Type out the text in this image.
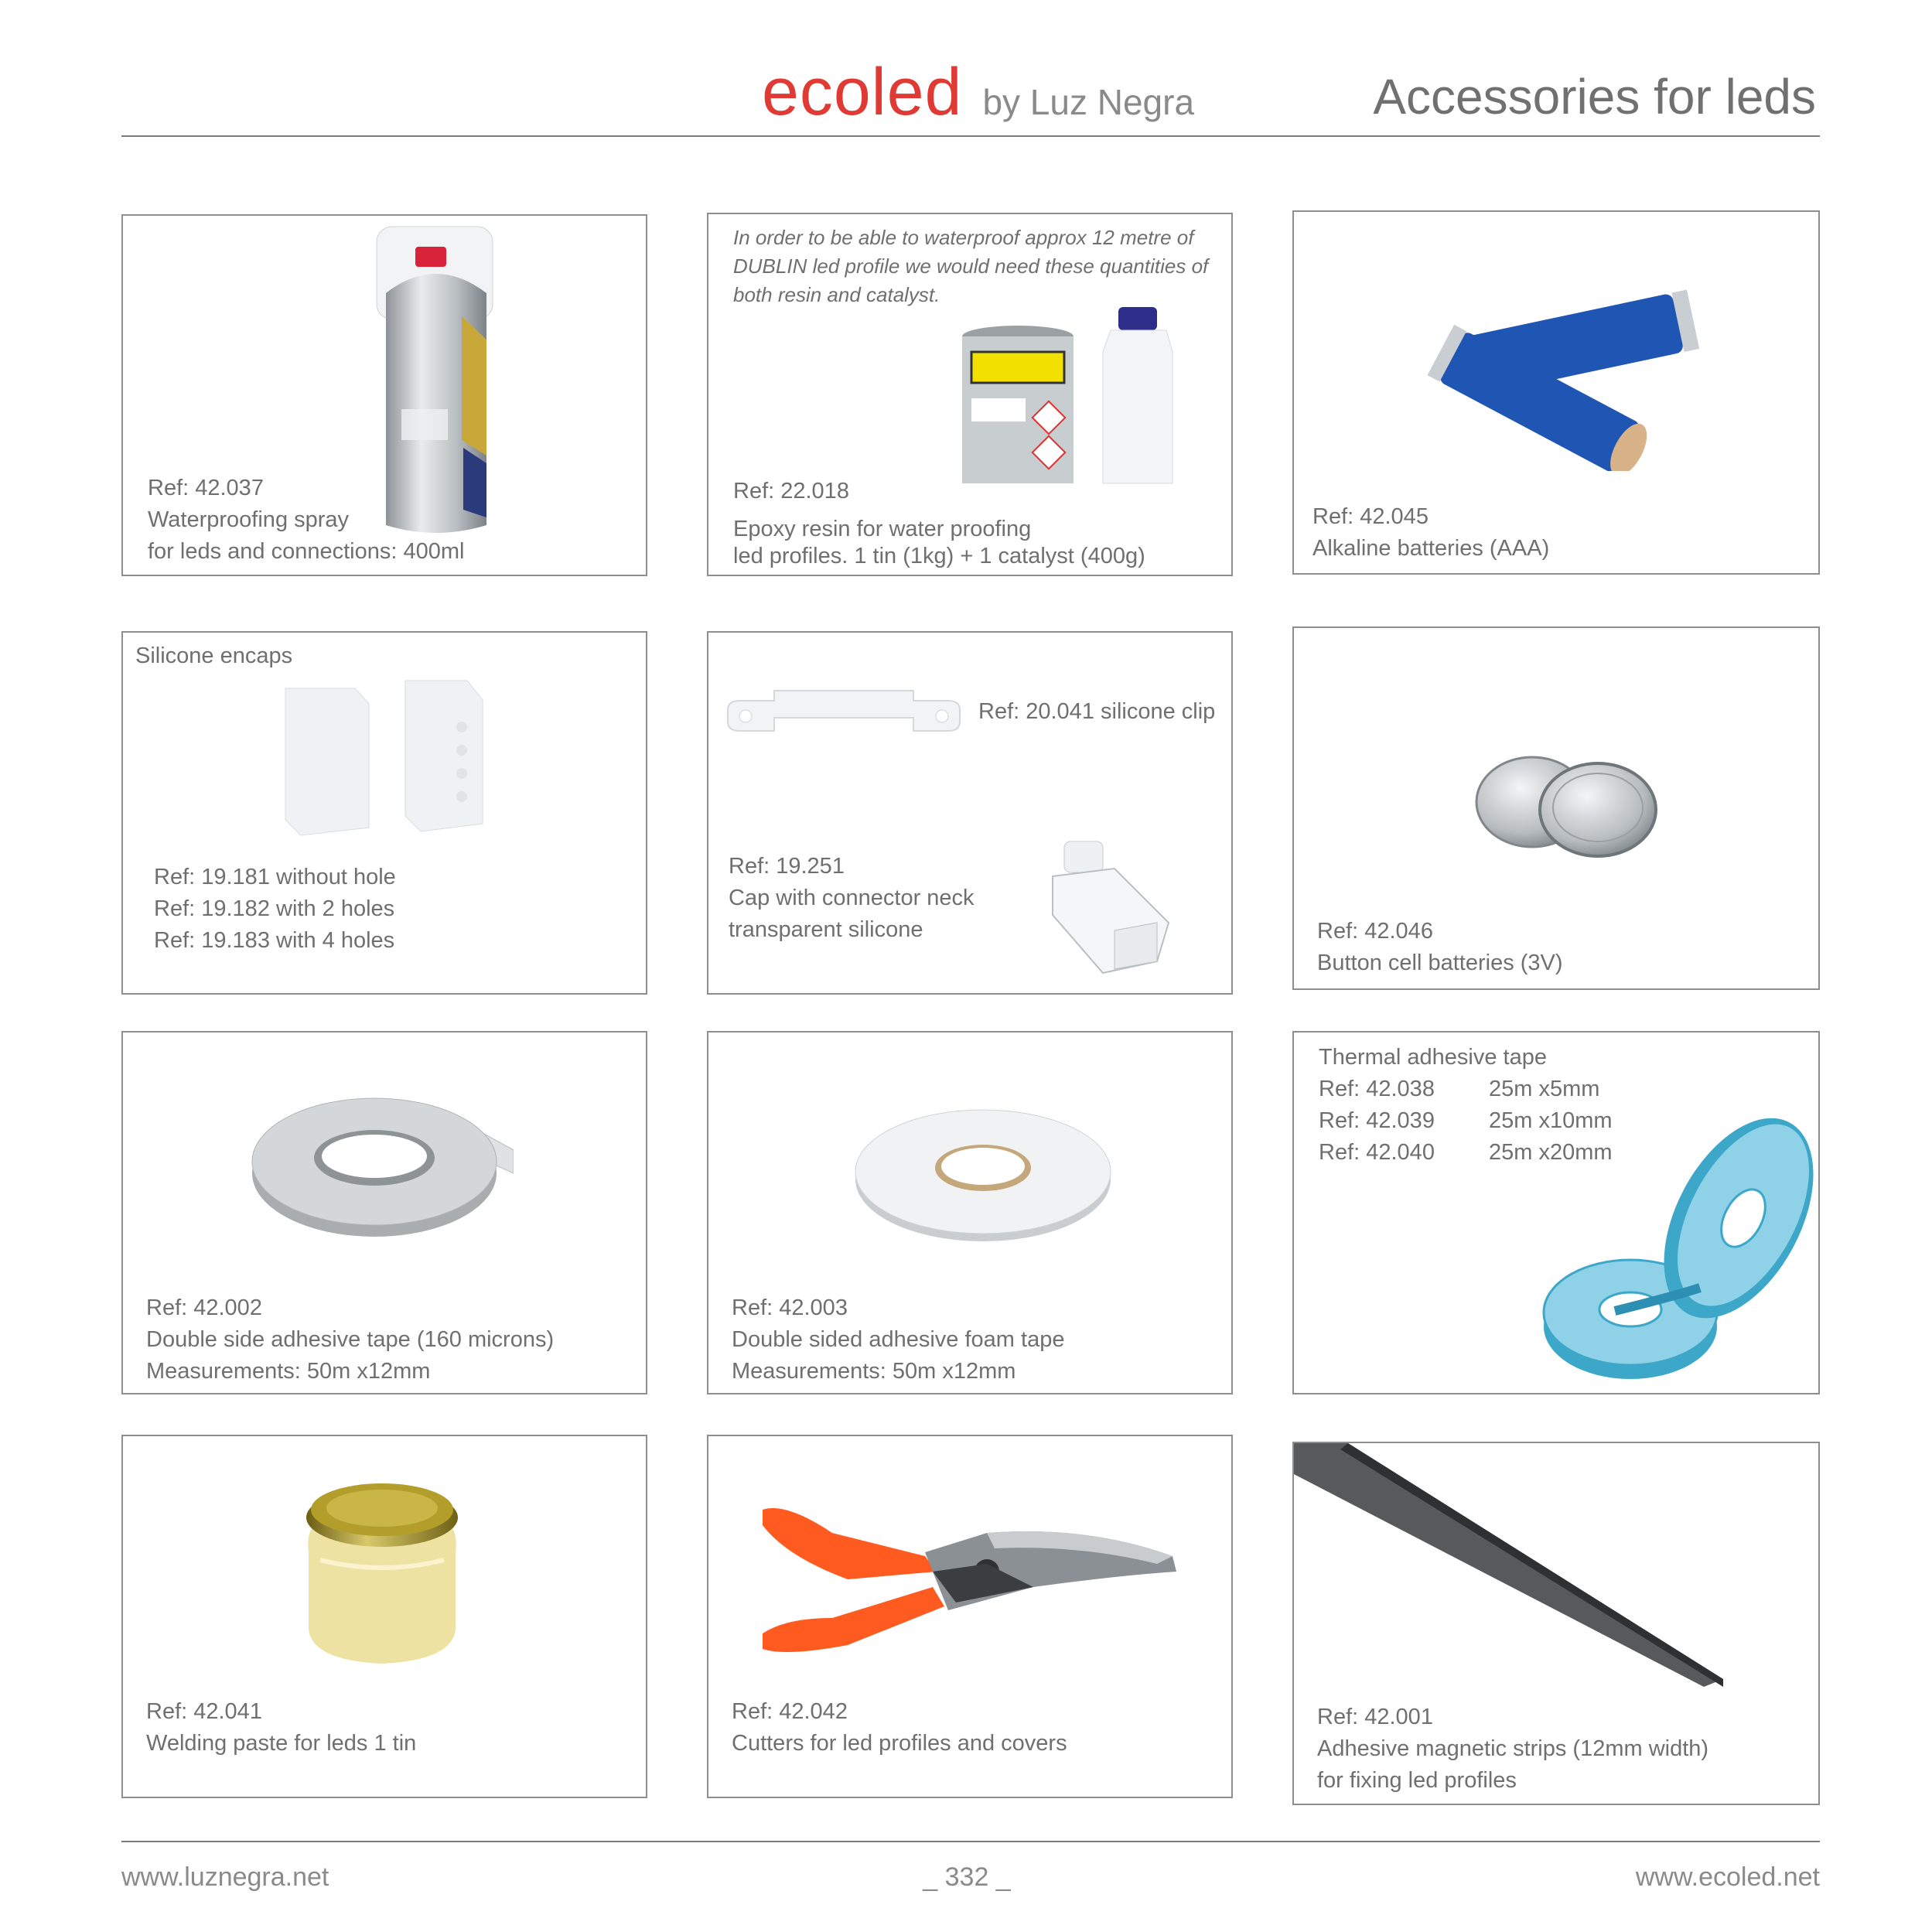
ecoled by Luz Negra	Accessories for leds
Ref: 42.037
Waterproofing spray
for leds and connections: 400ml
In order to be able to waterproof approx 12 metre of DUBLIN led profile we would need these quantities of both resin and catalyst.
Ref: 22.018
Epoxy resin for water proofing
led profiles. 1 tin (1kg) + 1 catalyst (400g)
Ref: 42.045
Alkaline batteries (AAA)
Silicone encaps
Ref: 19.181 without hole
Ref: 19.182 with 2 holes
Ref: 19.183 with 4 holes
Ref: 20.041 silicone clip
Ref: 19.251
Cap with connector neck
transparent silicone	Ref: 42.046
Button cell batteries (3V)
Ref: 42.002
Double side adhesive tape (160 microns)
Measurements: 50m x12mm
Ref: 42.003
Double sided adhesive foam tape
Measurements: 50m x12mm
Thermal adhesive tape
Ref: 42.038 25m x5mm
Ref: 42.039 25m x10mm
Ref: 42.040 25m x20mm
Ref: 42.041
Welding paste for leds 1 tin
Ref: 42.042
Cutters for led profiles and covers
Ref: 42.001
Adhesive magnetic strips (12mm width)
for fixing led profiles
www.luznegra.net	_ 332 _	www.ecoled.net
